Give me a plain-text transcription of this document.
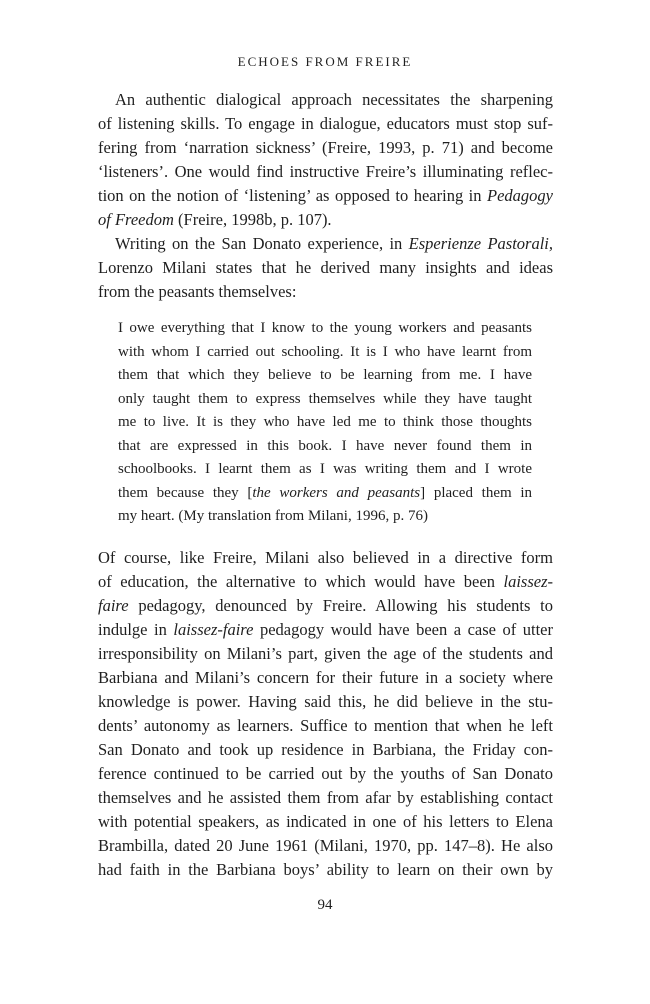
ECHOES FROM FREIRE
An authentic dialogical approach necessitates the sharpening
of listening skills. To engage in dialogue, educators must stop suf-
fering from ‘narration sickness’ (Freire, 1993, p. 71) and become
‘listeners’. One would find instructive Freire’s illuminating reflec-
tion on the notion of ‘listening’ as opposed to hearing in Pedagogy
of Freedom (Freire, 1998b, p. 107).
Writing on the San Donato experience, in Esperienze Pastorali,
Lorenzo Milani states that he derived many insights and ideas
from the peasants themselves:
I owe everything that I know to the young workers and peasants
with whom I carried out schooling. It is I who have learnt from
them that which they believe to be learning from me. I have
only taught them to express themselves while they have taught
me to live. It is they who have led me to think those thoughts
that are expressed in this book. I have never found them in
schoolbooks. I learnt them as I was writing them and I wrote
them because they [the workers and peasants] placed them in
my heart. (My translation from Milani, 1996, p. 76)
Of course, like Freire, Milani also believed in a directive form
of education, the alternative to which would have been laissez-
faire pedagogy, denounced by Freire. Allowing his students to
indulge in laissez-faire pedagogy would have been a case of utter
irresponsibility on Milani’s part, given the age of the students and
Barbiana and Milani’s concern for their future in a society where
knowledge is power. Having said this, he did believe in the stu-
dents’ autonomy as learners. Suffice to mention that when he left
San Donato and took up residence in Barbiana, the Friday con-
ference continued to be carried out by the youths of San Donato
themselves and he assisted them from afar by establishing contact
with potential speakers, as indicated in one of his letters to Elena
Brambilla, dated 20 June 1961 (Milani, 1970, pp. 147–8). He also
had faith in the Barbiana boys’ ability to learn on their own by
94
